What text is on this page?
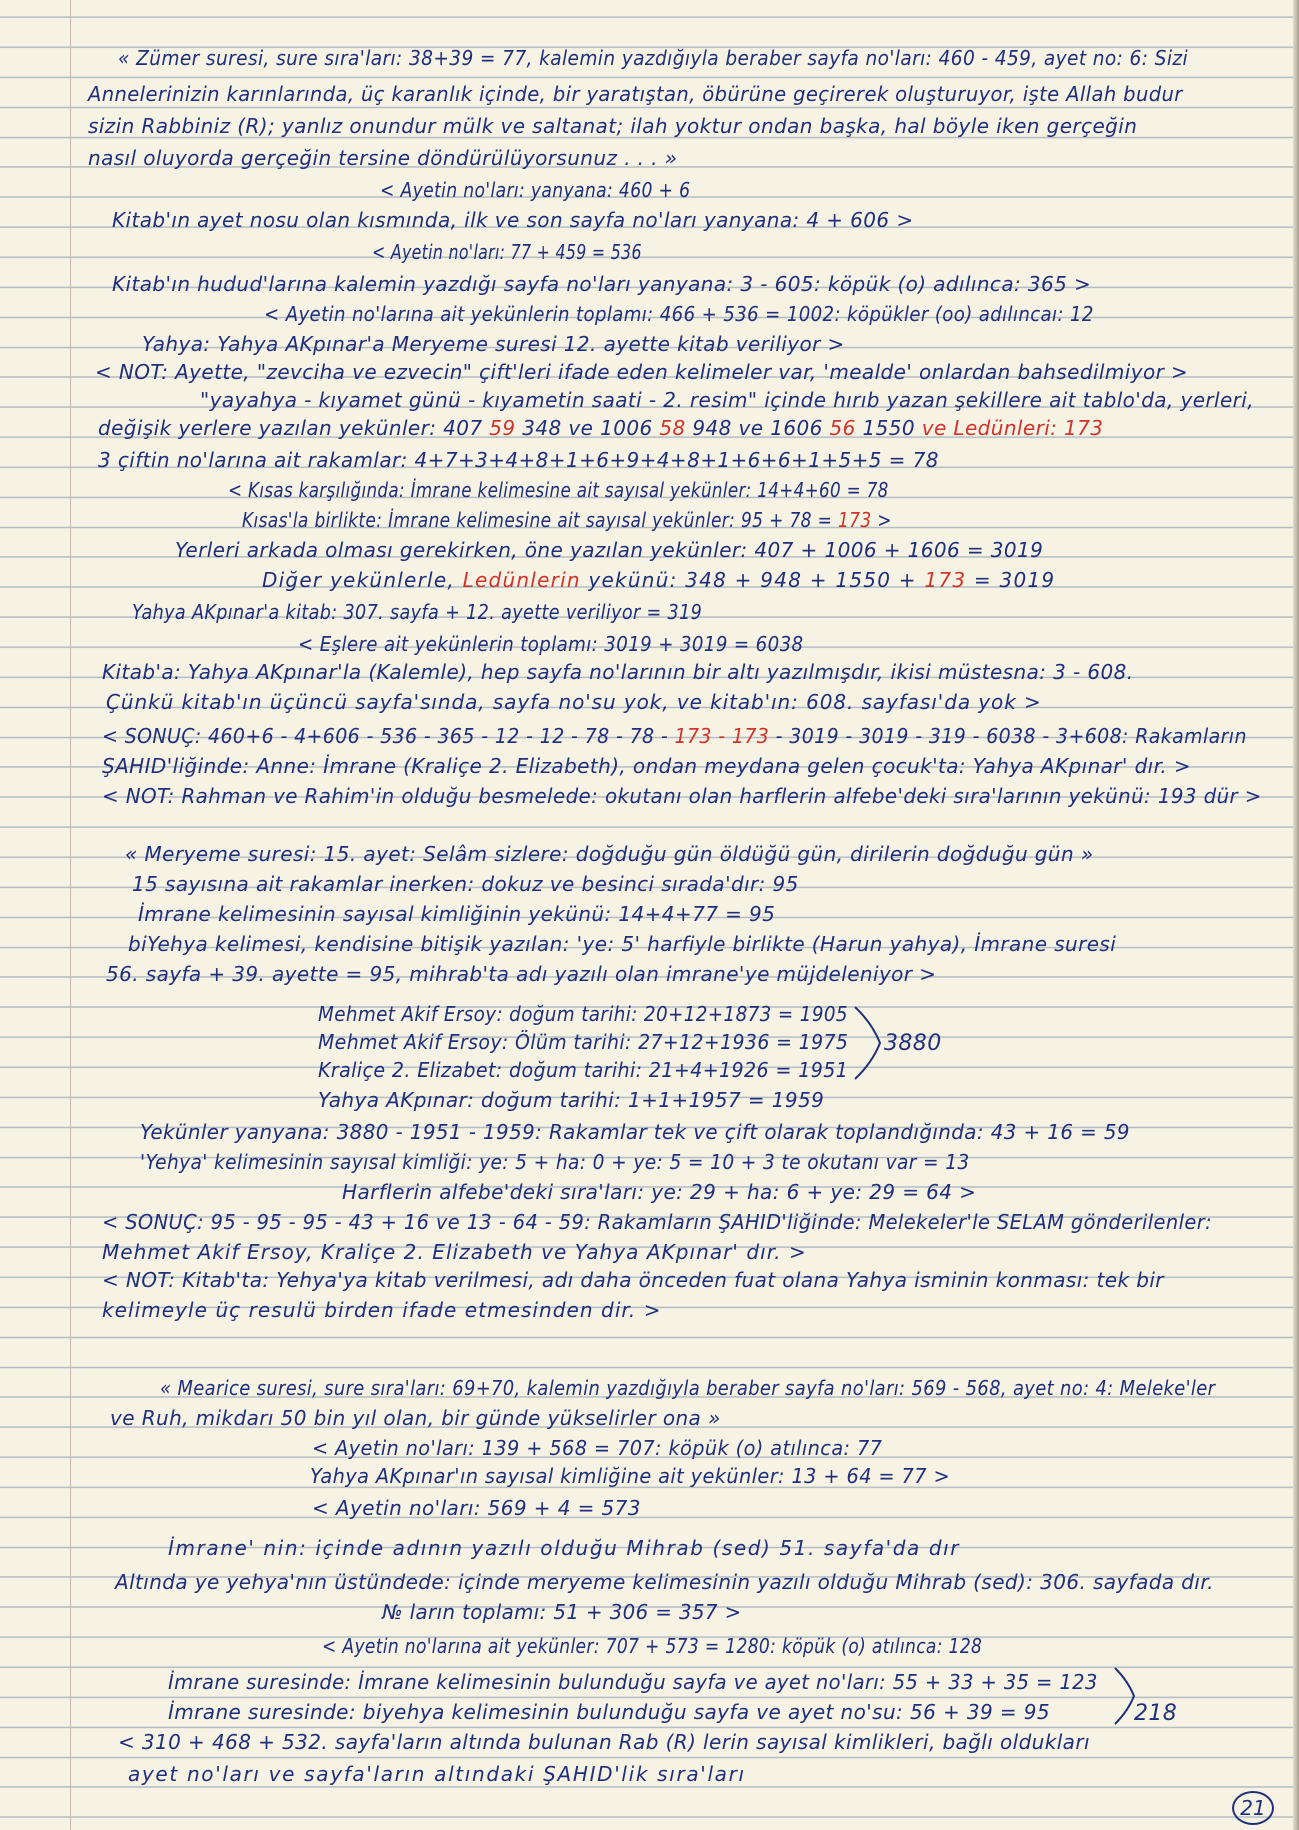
« Zümer suresi, sure sıra'ları: 38+39 = 77, kalemin yazdığıyla beraber sayfa no'ları: 460 - 459, ayet no: 6: Sizi
Annelerinizin karınlarında, üç karanlık içinde, bir yaratıştan, öbürüne geçirerek oluşturuyor, işte Allah budur
sizin Rabbiniz (R); yanlız onundur mülk ve saltanat; ilah yoktur ondan başka, hal böyle iken gerçeğin
nasıl oluyorda gerçeğin tersine döndürülüyorsunuz . . . »
< Ayetin no'ları: yanyana: 460 + 6
Kitab'ın ayet nosu olan kısmında, ilk ve son sayfa no'ları yanyana: 4 + 606 >
< Ayetin no'ları: 77 + 459 = 536
Kitab'ın hudud'larına kalemin yazdığı sayfa no'ları yanyana: 3 - 605: köpük (o) adılınca: 365 >
< Ayetin no'larına ait yekünlerin toplamı: 466 + 536 = 1002: köpükler (oo) adılıncaı: 12
Yahya: Yahya AKpınar'a Meryeme suresi 12. ayette kitab veriliyor >
< NOT: Ayette, "zevciha ve ezvecin" çift'leri ifade eden kelimeler var, 'mealde' onlardan bahsedilmiyor >
"yayahya - kıyamet günü - kıyametin saati - 2. resim" içinde hırıb yazan şekillere ait tablo'da, yerleri,
değişik yerlere yazılan yekünler: 407 59 348 ve 1006 58 948 ve 1606 56 1550 ve Ledünleri: 173
3 çiftin no'larına ait rakamlar: 4+7+3+4+8+1+6+9+4+8+1+6+6+1+5+5 = 78
< Kısas karşılığında: İmrane kelimesine ait sayısal yekünler: 14+4+60 = 78
Kısas'la birlikte: İmrane kelimesine ait sayısal yekünler: 95 + 78 = 173 >
Yerleri arkada olması gerekirken, öne yazılan yekünler: 407 + 1006 + 1606 = 3019
Diğer yekünlerle, Ledünlerin yekünü: 348 + 948 + 1550 + 173 = 3019
Yahya AKpınar'a kitab: 307. sayfa + 12. ayette veriliyor = 319
< Eşlere ait yekünlerin toplamı: 3019 + 3019 = 6038
Kitab'a: Yahya AKpınar'la (Kalemle), hep sayfa no'larının bir altı yazılmışdır, ikisi müstesna: 3 - 608.
Çünkü kitab'ın üçüncü sayfa'sında, sayfa no'su yok, ve kitab'ın: 608. sayfası'da yok >
< SONUÇ: 460+6 - 4+606 - 536 - 365 - 12 - 12 - 78 - 78 - 173 - 173 - 3019 - 3019 - 319 - 6038 - 3+608: Rakamların
ŞAHID'liğinde: Anne: İmrane (Kraliçe 2. Elizabeth), ondan meydana gelen çocuk'ta: Yahya AKpınar' dır. >
< NOT: Rahman ve Rahim'in olduğu besmelede: okutanı olan harflerin alfebe'deki sıra'larının yekünü: 193 dür >
« Meryeme suresi: 15. ayet: Selâm sizlere: doğduğu gün öldüğü gün, dirilerin doğduğu gün »
15 sayısına ait rakamlar inerken: dokuz ve besinci sırada'dır: 95
İmrane kelimesinin sayısal kimliğinin yekünü: 14+4+77 = 95
biYehya kelimesi, kendisine bitişik yazılan: 'ye: 5' harfiyle birlikte (Harun yahya), İmrane suresi
56. sayfa + 39. ayette = 95, mihrab'ta adı yazılı olan imrane'ye müjdeleniyor >
Mehmet Akif Ersoy: doğum tarihi: 20+12+1873 = 1905
Mehmet Akif Ersoy: Ölüm tarihi: 27+12+1936 = 1975
Kraliçe 2. Elizabet: doğum tarihi: 21+4+1926 = 1951
Yahya AKpınar: doğum tarihi: 1+1+1957 = 1959
Yekünler yanyana: 3880 - 1951 - 1959: Rakamlar tek ve çift olarak toplandığında: 43 + 16 = 59
'Yehya' kelimesinin sayısal kimliği: ye: 5 + ha: 0 + ye: 5 = 10 + 3 te okutanı var = 13
Harflerin alfebe'deki sıra'ları: ye: 29 + ha: 6 + ye: 29 = 64 >
< SONUÇ: 95 - 95 - 95 - 43 + 16 ve 13 - 64 - 59: Rakamların ŞAHID'liğinde: Melekeler'le SELAM gönderilenler:
Mehmet Akif Ersoy, Kraliçe 2. Elizabeth ve Yahya AKpınar' dır. >
< NOT: Kitab'ta: Yehya'ya kitab verilmesi, adı daha önceden fuat olana Yahya isminin konması: tek bir
kelimeyle üç resulü birden ifade etmesinden dir. >
« Mearice suresi, sure sıra'ları: 69+70, kalemin yazdığıyla beraber sayfa no'ları: 569 - 568, ayet no: 4: Meleke'ler
ve Ruh, mikdarı 50 bin yıl olan, bir günde yükselirler ona »
< Ayetin no'ları: 139 + 568 = 707: köpük (o) atılınca: 77
Yahya AKpınar'ın sayısal kimliğine ait yekünler: 13 + 64 = 77 >
< Ayetin no'ları: 569 + 4 = 573
İmrane' nin: içinde adının yazılı olduğu Mihrab (sed) 51. sayfa'da dır
Altında ye yehya'nın üstündede: içinde meryeme kelimesinin yazılı olduğu Mihrab (sed): 306. sayfada dır.
№ ların toplamı: 51 + 306 = 357 >
< Ayetin no'larına ait yekünler: 707 + 573 = 1280: köpük (o) atılınca: 128
İmrane suresinde: İmrane kelimesinin bulunduğu sayfa ve ayet no'ları: 55 + 33 + 35 = 123
İmrane suresinde: biyehya kelimesinin bulunduğu sayfa ve ayet no'su: 56 + 39 = 95
< 310 + 468 + 532. sayfa'ların altında bulunan Rab (R) lerin sayısal kimlikleri, bağlı oldukları
ayet no'ları ve sayfa'ların altındaki ŞAHID'lik sıra'ları
3880
218
21
